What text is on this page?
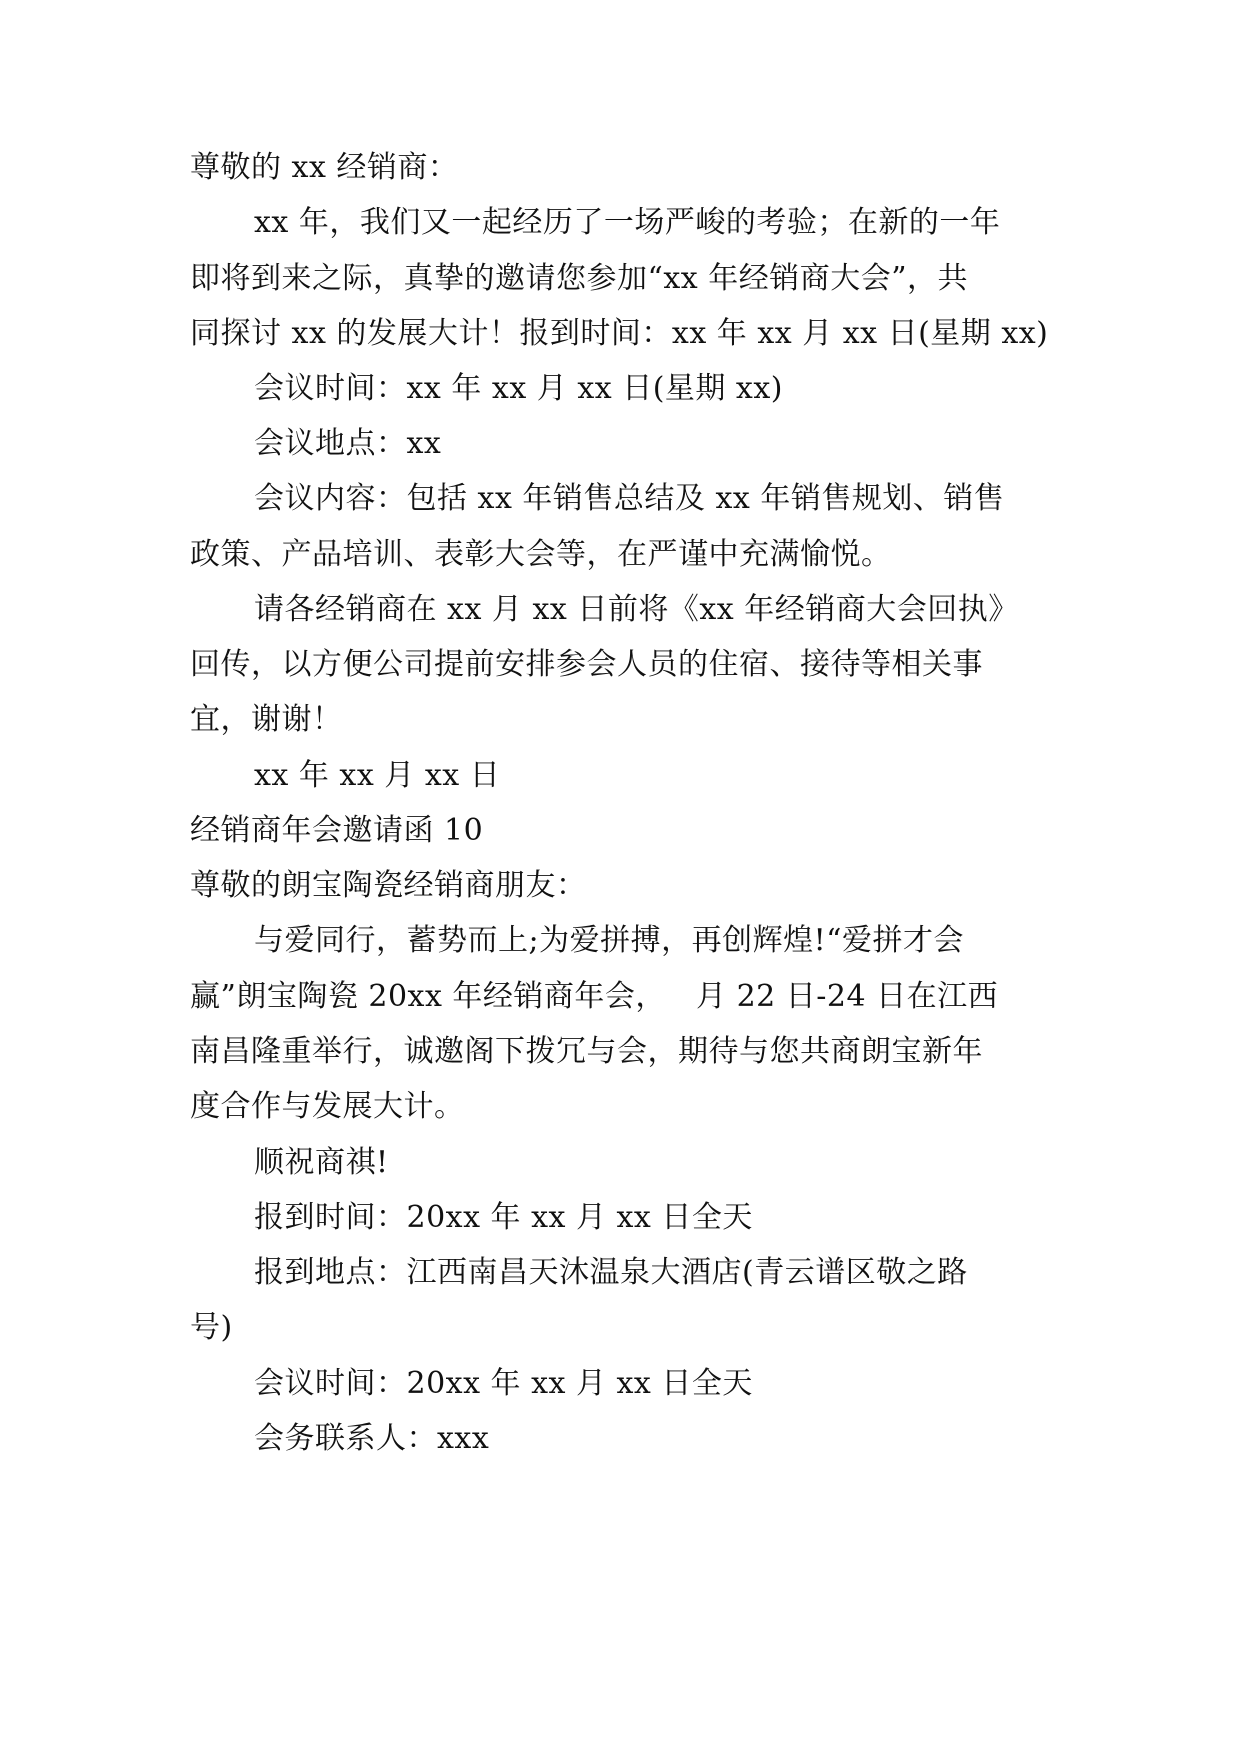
尊敬的 xx 经销商：
xx 年，我们又一起经历了一场严峻的考验；在新的一年
即将到来之际，真挚的邀请您参加“xx 年经销商大会”，共
同探讨 xx 的发展大计！报到时间：xx 年 xx 月 xx 日(星期 xx)
会议时间：xx 年 xx 月 xx 日(星期 xx)
会议地点：xx
会议内容：包括 xx 年销售总结及 xx 年销售规划、销售
政策、产品培训、表彰大会等，在严谨中充满愉悦。
请各经销商在 xx 月 xx 日前将《xx 年经销商大会回执》
回传，以方便公司提前安排参会人员的住宿、接待等相关事
宜，谢谢！
xx 年 xx 月 xx 日
经销商年会邀请函 10
尊敬的朗宝陶瓷经销商朋友：
与爱同行，蓄势而上;为爱拼搏，再创辉煌!“爱拼才会
赢”朗宝陶瓷 20xx 年经销商年会，   月 22 日-24 日在江西
南昌隆重举行，诚邀阁下拨冗与会，期待与您共商朗宝新年
度合作与发展大计。
顺祝商祺!
报到时间：20xx 年 xx 月 xx 日全天
报到地点：江西南昌天沐温泉大酒店(青云谱区敬之路
号)
会议时间：20xx 年 xx 月 xx 日全天
会务联系人：xxx
